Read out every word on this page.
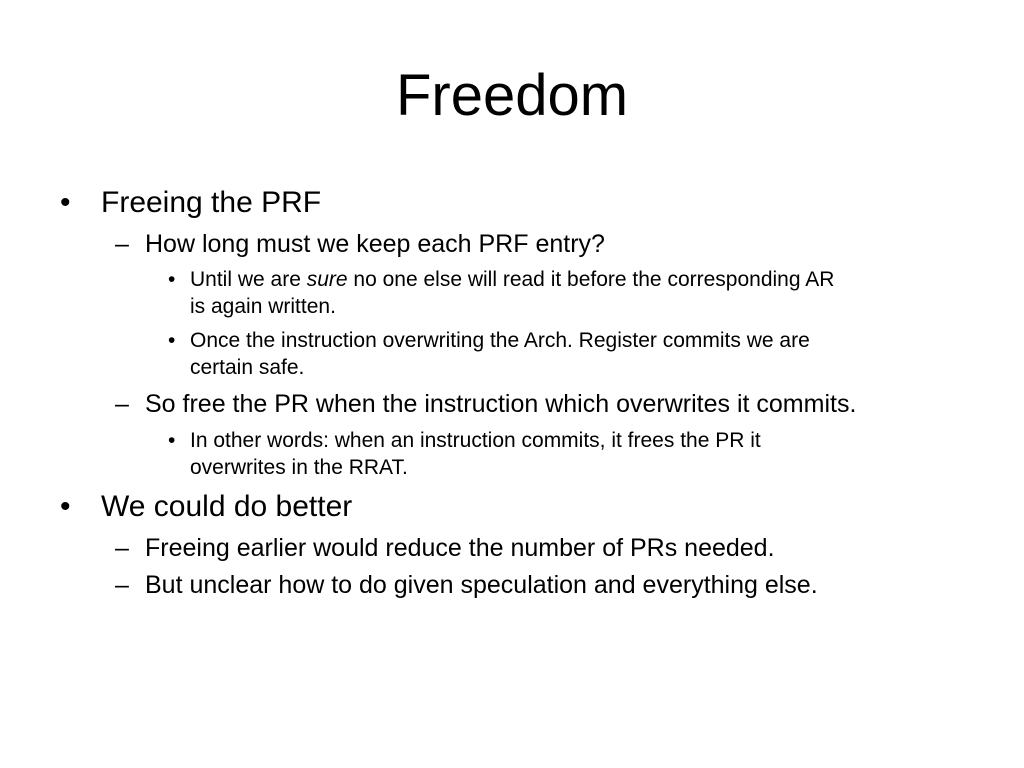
Freedom
• Freeing the PRF
– How long must we keep each PRF entry?
• Until we are sure no one else will read it before the corresponding AR
is again written.
• Once the instruction overwriting the Arch. Register commits we are
certain safe.
– So free the PR when the instruction which overwrites it commits.
• In other words: when an instruction commits, it frees the PR it
overwrites in the RRAT.
• We could do better
– Freeing earlier would reduce the number of PRs needed.
– But unclear how to do given speculation and everything else.
